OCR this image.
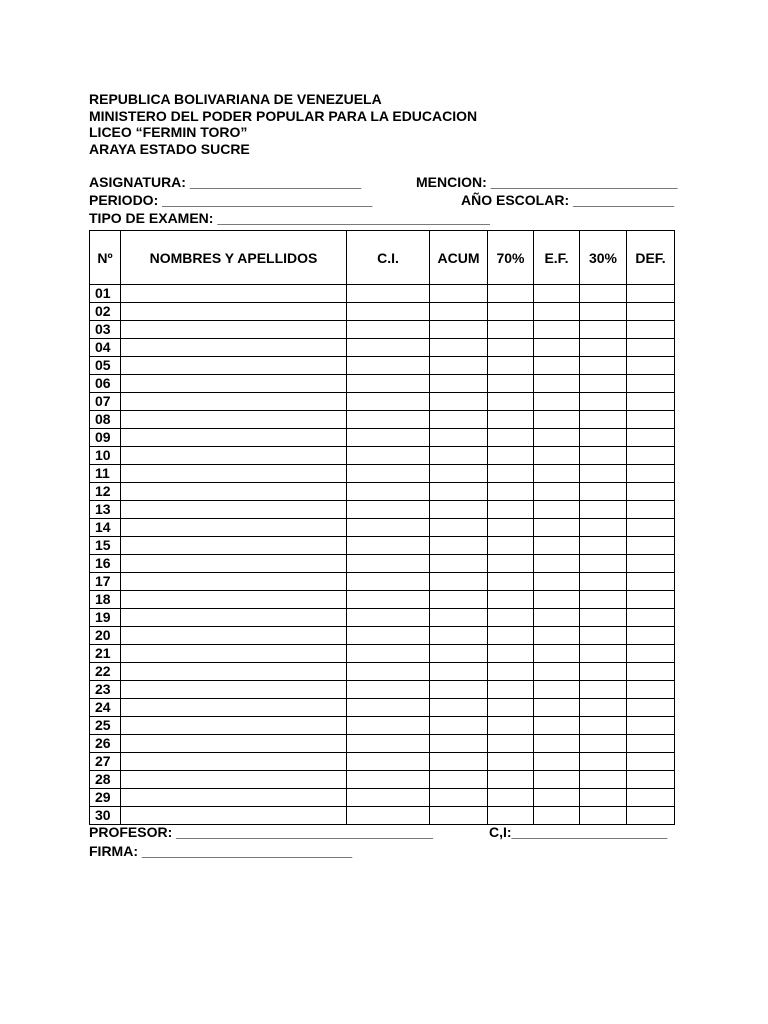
REPUBLICA BOLIVARIANA DE VENEZUELA
MINISTERO DEL PODER POPULAR PARA LA EDUCACION
LICEO “FERMIN TORO”
ARAYA ESTADO SUCRE
ASIGNATURA: ______________________	MENCION: ________________________
PERIODO: ___________________________	AÑO ESCOLAR: _____________
TIPO DE EXAMEN: ___________________________________
Nº	NOMBRES Y APELLIDOS	C.I.	ACUM	70%	E.F.	30%	DEF.
01							
02							
03							
04							
05							
06							
07							
08							
09							
10							
11							
12							
13							
14							
15							
16							
17							
18							
19							
20							
21							
22							
23							
24							
25							
26							
27							
28							
29							
30							
PROFESOR: _________________________________	C,I:____________________
FIRMA: ___________________________
